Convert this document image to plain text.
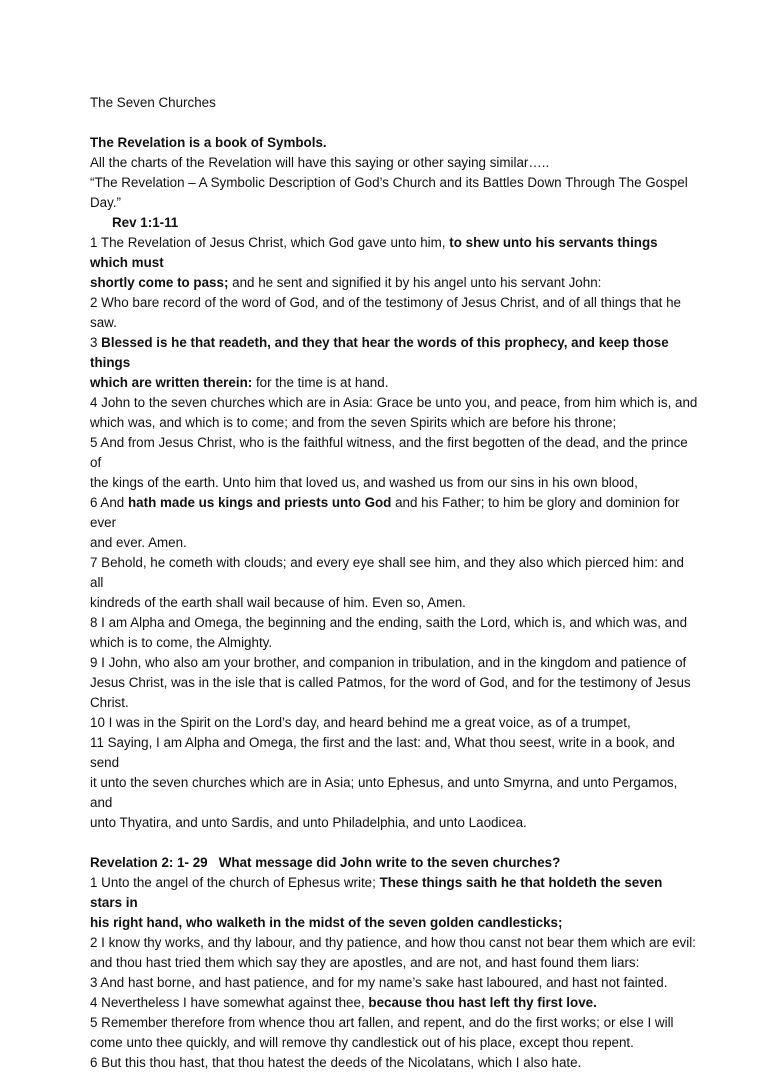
The Seven Churches
The Revelation is a book of Symbols.
All the charts of the Revelation will have this saying or other saying similar…..
“The Revelation – A Symbolic Description of God’s Church and its Battles Down Through The Gospel
Day.”
Rev 1:1-11
1 The Revelation of Jesus Christ, which God gave unto him, to shew unto his servants things which must
shortly come to pass; and he sent and signified it by his angel unto his servant John:
2 Who bare record of the word of God, and of the testimony of Jesus Christ, and of all things that he
saw.
3 Blessed is he that readeth, and they that hear the words of this prophecy, and keep those things
which are written therein: for the time is at hand.
4 John to the seven churches which are in Asia: Grace be unto you, and peace, from him which is, and
which was, and which is to come; and from the seven Spirits which are before his throne;
5 And from Jesus Christ, who is the faithful witness, and the first begotten of the dead, and the prince of
the kings of the earth. Unto him that loved us, and washed us from our sins in his own blood,
6 And hath made us kings and priests unto God and his Father; to him be glory and dominion for ever
and ever. Amen.
7 Behold, he cometh with clouds; and every eye shall see him, and they also which pierced him: and all
kindreds of the earth shall wail because of him. Even so, Amen.
8 I am Alpha and Omega, the beginning and the ending, saith the Lord, which is, and which was, and
which is to come, the Almighty.
9 I John, who also am your brother, and companion in tribulation, and in the kingdom and patience of
Jesus Christ, was in the isle that is called Patmos, for the word of God, and for the testimony of Jesus
Christ.
10 I was in the Spirit on the Lord’s day, and heard behind me a great voice, as of a trumpet,
11 Saying, I am Alpha and Omega, the first and the last: and, What thou seest, write in a book, and send
it unto the seven churches which are in Asia; unto Ephesus, and unto Smyrna, and unto Pergamos, and
unto Thyatira, and unto Sardis, and unto Philadelphia, and unto Laodicea.
Revelation 2: 1- 29   What message did John write to the seven churches?
1 Unto the angel of the church of Ephesus write; These things saith he that holdeth the seven stars in
his right hand, who walketh in the midst of the seven golden candlesticks;
2 I know thy works, and thy labour, and thy patience, and how thou canst not bear them which are evil:
and thou hast tried them which say they are apostles, and are not, and hast found them liars:
3 And hast borne, and hast patience, and for my name’s sake hast laboured, and hast not fainted.
4 Nevertheless I have somewhat against thee, because thou hast left thy first love.
5 Remember therefore from whence thou art fallen, and repent, and do the first works; or else I will
come unto thee quickly, and will remove thy candlestick out of his place, except thou repent.
6 But this thou hast, that thou hatest the deeds of the Nicolatans, which I also hate.
